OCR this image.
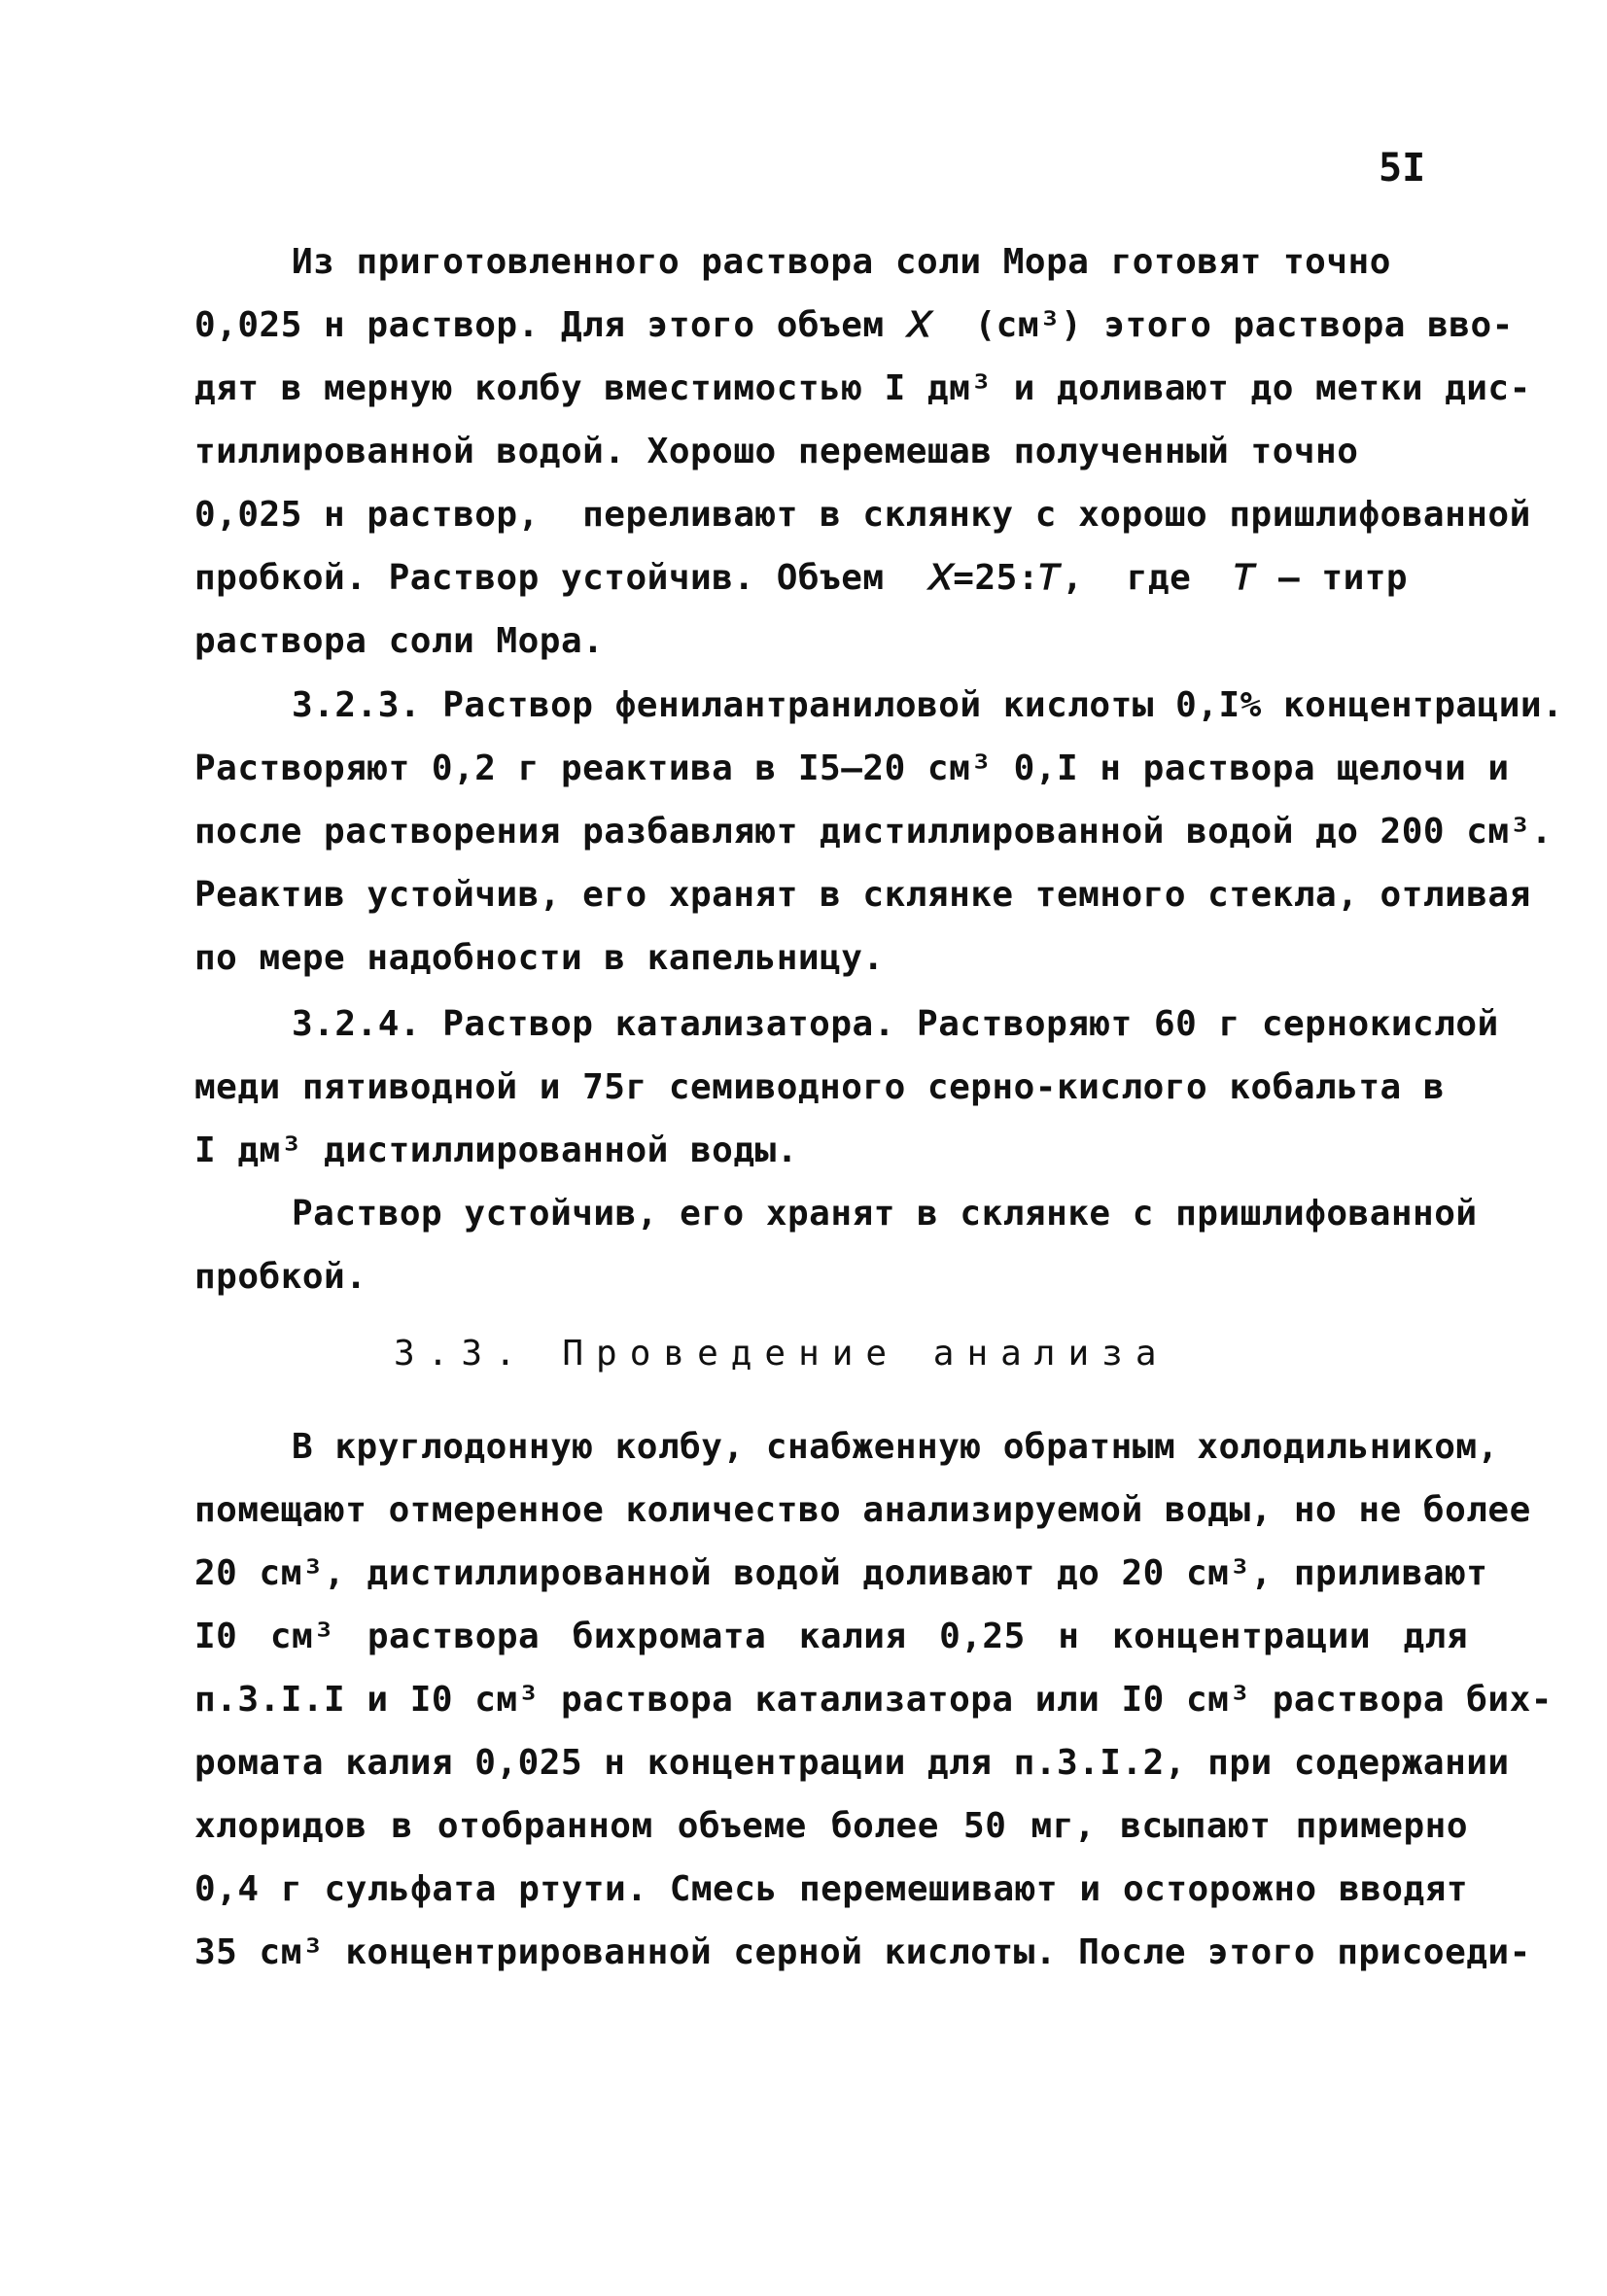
5I
Из приготовленного раствора соли Мора готовят точно
0,025 н раствор. Для этого объем 𝑋  (см³) этого раствора вво-
дят в мерную колбу вместимостью I дм³ и доливают до метки дис-
тиллированной водой. Хорошо перемешав полученный точно
0,025 н раствор,  переливают в склянку с хорошо пришлифованной
пробкой. Раствор устойчив. Объем  𝑋=25:𝑇,  где  𝑇 – титр
раствора соли Мора.
3.2.3. Раствор фенилантраниловой кислоты 0,I% концентрации.
Растворяют 0,2 г реактива в I5–20 см³ 0,I н раствора щелочи и
после растворения разбавляют дистиллированной водой до 200 см³.
Реактив устойчив, его хранят в склянке темного стекла, отливая
по мере надобности в капельницу.
3.2.4. Раствор катализатора. Растворяют 60 г сернокислой
меди пятиводной и 75г семиводного серно-кислого кобальта в
I дм³ дистиллированной воды.
Раствор устойчив, его хранят в склянке с пришлифованной
пробкой.
3.3. Проведение анализа
В круглодонную колбу, снабженную обратным холодильником,
помещают отмеренное количество анализируемой воды, но не более
20 см³, дистиллированной водой доливают до 20 см³, приливают
I0 см³ раствора бихромата калия 0,25 н концентрации для
п.3.I.I и I0 см³ раствора катализатора или I0 см³ раствора бих-
ромата калия 0,025 н концентрации для п.3.I.2, при содержании
хлоридов в отобранном объеме более 50 мг, всыпают примерно
0,4 г сульфата ртути. Смесь перемешивают и осторожно вводят
35 см³ концентрированной серной кислоты. После этого присоеди-
